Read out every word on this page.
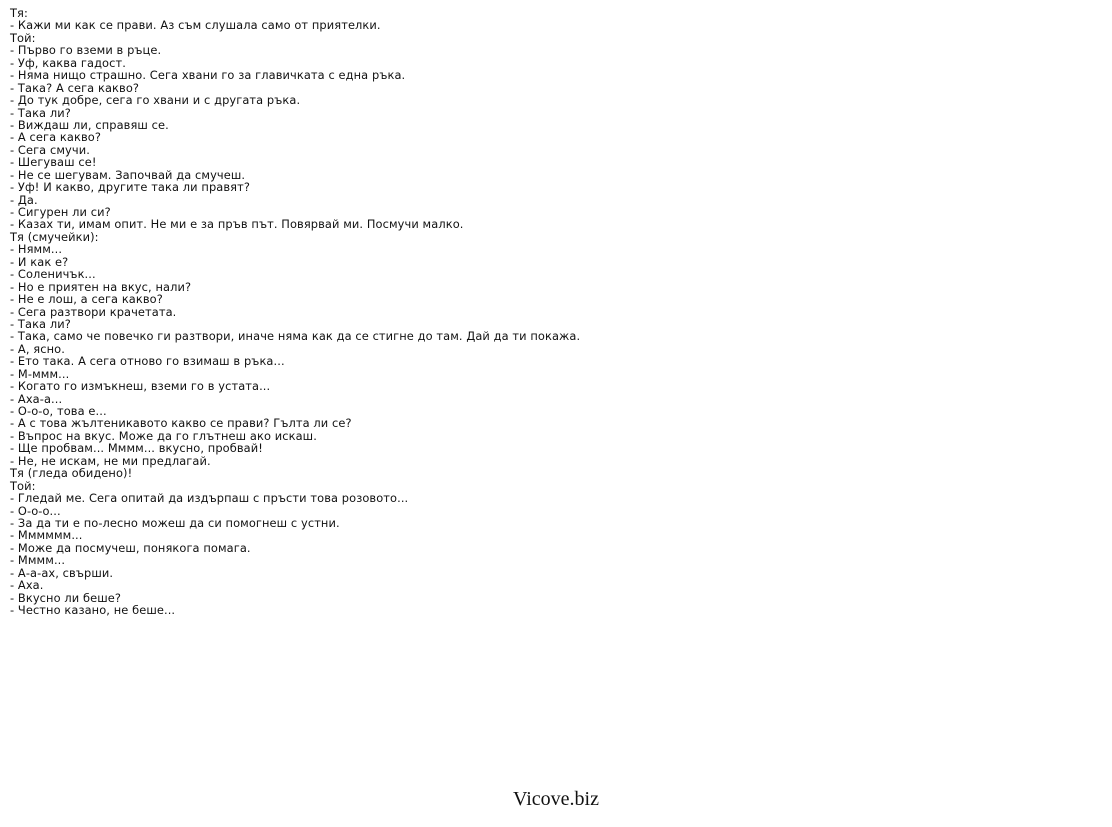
Тя:
- Кажи ми как се прави. Аз съм слушала само от приятелки.
Той:
- Първо го вземи в ръце.
- Уф, каква гадост.
- Няма нищо страшно. Сега хвани го за главичката с една ръка.
- Така? А сега какво?
- До тук добре, сега го хвани и с другата ръка.
- Така ли?
- Виждаш ли, справяш се.
- А сега какво?
- Сега смучи.
- Шегуваш се!
- Не се шегувам. Започвай да смучеш.
- Уф! И какво, другите така ли правят?
- Да.
- Сигурен ли си?
- Казах ти, имам опит. Не ми е за пръв път. Повярвай ми. Посмучи малко.
Тя (смучейки):
- Нямм...
- И как е?
- Соленичък...
- Но е приятен на вкус, нали?
- Не е лош, а сега какво?
- Сега разтвори крачетата.
- Така ли?
- Така, само че повечко ги разтвори, иначе няма как да се стигне до там. Дай да ти покажа.
- А, ясно.
- Ето така. А сега отново го взимаш в ръка...
- М-ммм...
- Когато го измъкнеш, вземи го в устата...
- Аха-а...
- О-о-о, това е...
- А с това жълтеникавото какво се прави? Гълта ли се?
- Въпрос на вкус. Може да го глътнеш ако искаш.
- Ще пробвам... Мммм... вкусно, пробвай!
- Не, не искам, не ми предлагай.
Тя (гледа обидено)!
Той:
- Гледай ме. Сега опитай да издърпаш с пръсти това розовото...
- О-о-о...
- За да ти е по-лесно можеш да си помогнеш с устни.
- Мммммм...
- Може да посмучеш, понякога помага.
- Мммм...
- А-а-ах, свърши.
- Аха.
- Вкусно ли беше?
- Честно казано, не беше...
Vicove.biz
